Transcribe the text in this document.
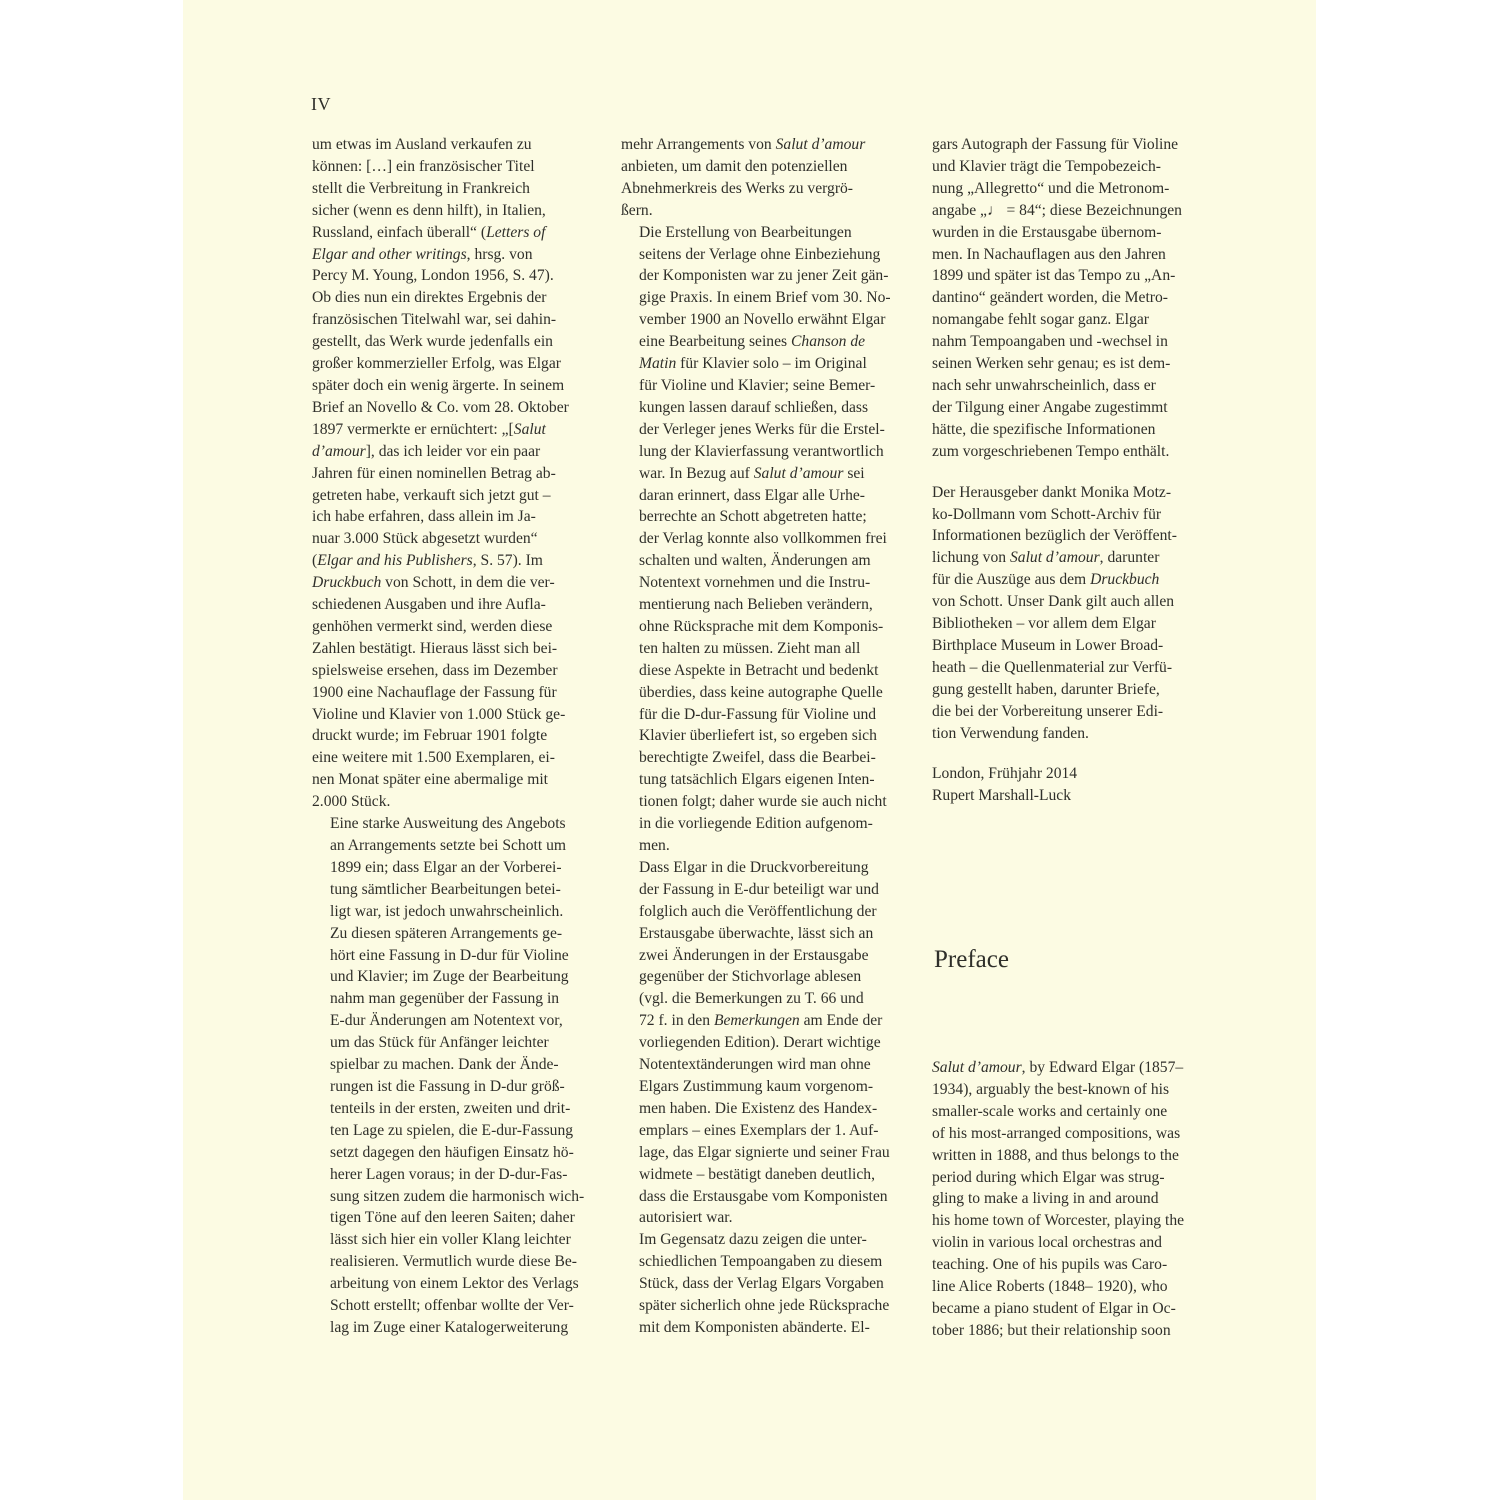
IV

um etwas im Ausland verkaufen zu
können: […] ein französischer Titel
stellt die Verbreitung in Frankreich
sicher (wenn es denn hilft), in Italien,
Russland, einfach überall“ (Letters of
Elgar and other writings, hrsg. von
Percy M. Young, London 1956, S. 47).
Ob dies nun ein direktes Ergebnis der
französischen Titelwahl war, sei dahin-
gestellt, das Werk wurde jedenfalls ein
großer kommerzieller Erfolg, was Elgar
später doch ein wenig ärgerte. In seinem
Brief an Novello & Co. vom 28. Oktober
1897 vermerkte er ernüchtert: „[Salut
d’amour], das ich leider vor ein paar
Jahren für einen nominellen Betrag ab-
getreten habe, verkauft sich jetzt gut –
ich habe erfahren, dass allein im Ja-
nuar 3.000 Stück abgesetzt wurden“
(Elgar and his Publishers, S. 57). Im
Druckbuch von Schott, in dem die ver-
schiedenen Ausgaben und ihre Aufla-
genhöhen vermerkt sind, werden diese
Zahlen bestätigt. Hieraus lässt sich bei-
spielsweise ersehen, dass im Dezember
1900 eine Nachauflage der Fassung für
Violine und Klavier von 1.000 Stück ge-
druckt wurde; im Februar 1901 folgte
eine weitere mit 1.500 Exemplaren, ei-
nen Monat später eine abermalige mit
2.000 Stück.

Eine starke Ausweitung des Angebots
an Arrangements setzte bei Schott um
1899 ein; dass Elgar an der Vorberei-
tung sämtlicher Bearbeitungen betei-
ligt war, ist jedoch unwahrscheinlich.
Zu diesen späteren Arrangements ge-
hört eine Fassung in D-dur für Violine
und Klavier; im Zuge der Bearbeitung
nahm man gegenüber der Fassung in
E-dur Änderungen am Notentext vor,
um das Stück für Anfänger leichter
spielbar zu machen. Dank der Ände-
rungen ist die Fassung in D-dur größ-
tenteils in der ersten, zweiten und drit-
ten Lage zu spielen, die E-dur-Fassung
setzt dagegen den häufigen Einsatz hö-
herer Lagen voraus; in der D-dur-Fas-
sung sitzen zudem die harmonisch wich-
tigen Töne auf den leeren Saiten; daher
lässt sich hier ein voller Klang leichter
realisieren. Vermutlich wurde diese Be-
arbeitung von einem Lektor des Verlags
Schott erstellt; offenbar wollte der Ver-
lag im Zuge einer Katalogerweiterung

mehr Arrangements von Salut d’amour
anbieten, um damit den potenziellen
Abnehmerkreis des Werks zu vergrö-
ßern.

Die Erstellung von Bearbeitungen
seitens der Verlage ohne Einbeziehung
der Komponisten war zu jener Zeit gän-
gige Praxis. In einem Brief vom 30. No-
vember 1900 an Novello erwähnt Elgar
eine Bearbeitung seines Chanson de
Matin für Klavier solo – im Original
für Violine und Klavier; seine Bemer-
kungen lassen darauf schließen, dass
der Verleger jenes Werks für die Erstel-
lung der Klavierfassung verantwortlich
war. In Bezug auf Salut d’amour sei
daran erinnert, dass Elgar alle Urhe-
berrechte an Schott abgetreten hatte;
der Verlag konnte also vollkommen frei
schalten und walten, Änderungen am
Notentext vornehmen und die Instru-
mentierung nach Belieben verändern,
ohne Rücksprache mit dem Komponis-
ten halten zu müssen. Zieht man all
diese Aspekte in Betracht und bedenkt
überdies, dass keine autographe Quelle
für die D-dur-Fassung für Violine und
Klavier überliefert ist, so ergeben sich
berechtigte Zweifel, dass die Bearbei-
tung tatsächlich Elgars eigenen Inten-
tionen folgt; daher wurde sie auch nicht
in die vorliegende Edition aufgenom-
men.

Dass Elgar in die Druckvorbereitung
der Fassung in E-dur beteiligt war und
folglich auch die Veröffentlichung der
Erstausgabe überwachte, lässt sich an
zwei Änderungen in der Erstausgabe
gegenüber der Stichvorlage ablesen
(vgl. die Bemerkungen zu T. 66 und
72 f. in den Bemerkungen am Ende der
vorliegenden Edition). Derart wichtige
Notentextänderungen wird man ohne
Elgars Zustimmung kaum vorgenom-
men haben. Die Existenz des Handex-
emplars – eines Exemplars der 1. Auf-
lage, das Elgar signierte und seiner Frau
widmete – bestätigt daneben deutlich,
dass die Erstausgabe vom Komponisten
autorisiert war.

Im Gegensatz dazu zeigen die unter-
schiedlichen Tempoangaben zu diesem
Stück, dass der Verlag Elgars Vorgaben
später sicherlich ohne jede Rücksprache
mit dem Komponisten abänderte. El-

gars Autograph der Fassung für Violine
und Klavier trägt die Tempobezeich-
nung „Allegretto“ und die Metronom-
angabe „♩ = 84“; diese Bezeichnungen
wurden in die Erstausgabe übernom-
men. In Nachauflagen aus den Jahren
1899 und später ist das Tempo zu „An-
dantino“ geändert worden, die Metro-
nomangabe fehlt sogar ganz. Elgar
nahm Tempoangaben und -wechsel in
seinen Werken sehr genau; es ist dem-
nach sehr unwahrscheinlich, dass er
der Tilgung einer Angabe zugestimmt
hätte, die spezifische Informationen
zum vorgeschriebenen Tempo enthält.

Der Herausgeber dankt Monika Motz-
ko-Dollmann vom Schott-Archiv für
Informationen bezüglich der Veröffent-
lichung von Salut d’amour, darunter
für die Auszüge aus dem Druckbuch
von Schott. Unser Dank gilt auch allen
Bibliotheken – vor allem dem Elgar
Birthplace Museum in Lower Broad-
heath – die Quellenmaterial zur Verfü-
gung gestellt haben, darunter Briefe,
die bei der Vorbereitung unserer Edi-
tion Verwendung fanden.

London, Frühjahr 2014
Rupert Marshall-Luck

Preface

Salut d’amour, by Edward Elgar (1857–
1934), arguably the best-known of his
smaller-scale works and certainly one
of his most-arranged compositions, was
written in 1888, and thus belongs to the
period during which Elgar was strug-
gling to make a living in and around
his home town of Worcester, playing the
violin in various local orchestras and
teaching. One of his pupils was Caro-
line Alice Roberts (1848– 1920), who
became a piano student of Elgar in Oc-
tober 1886; but their relationship soon
